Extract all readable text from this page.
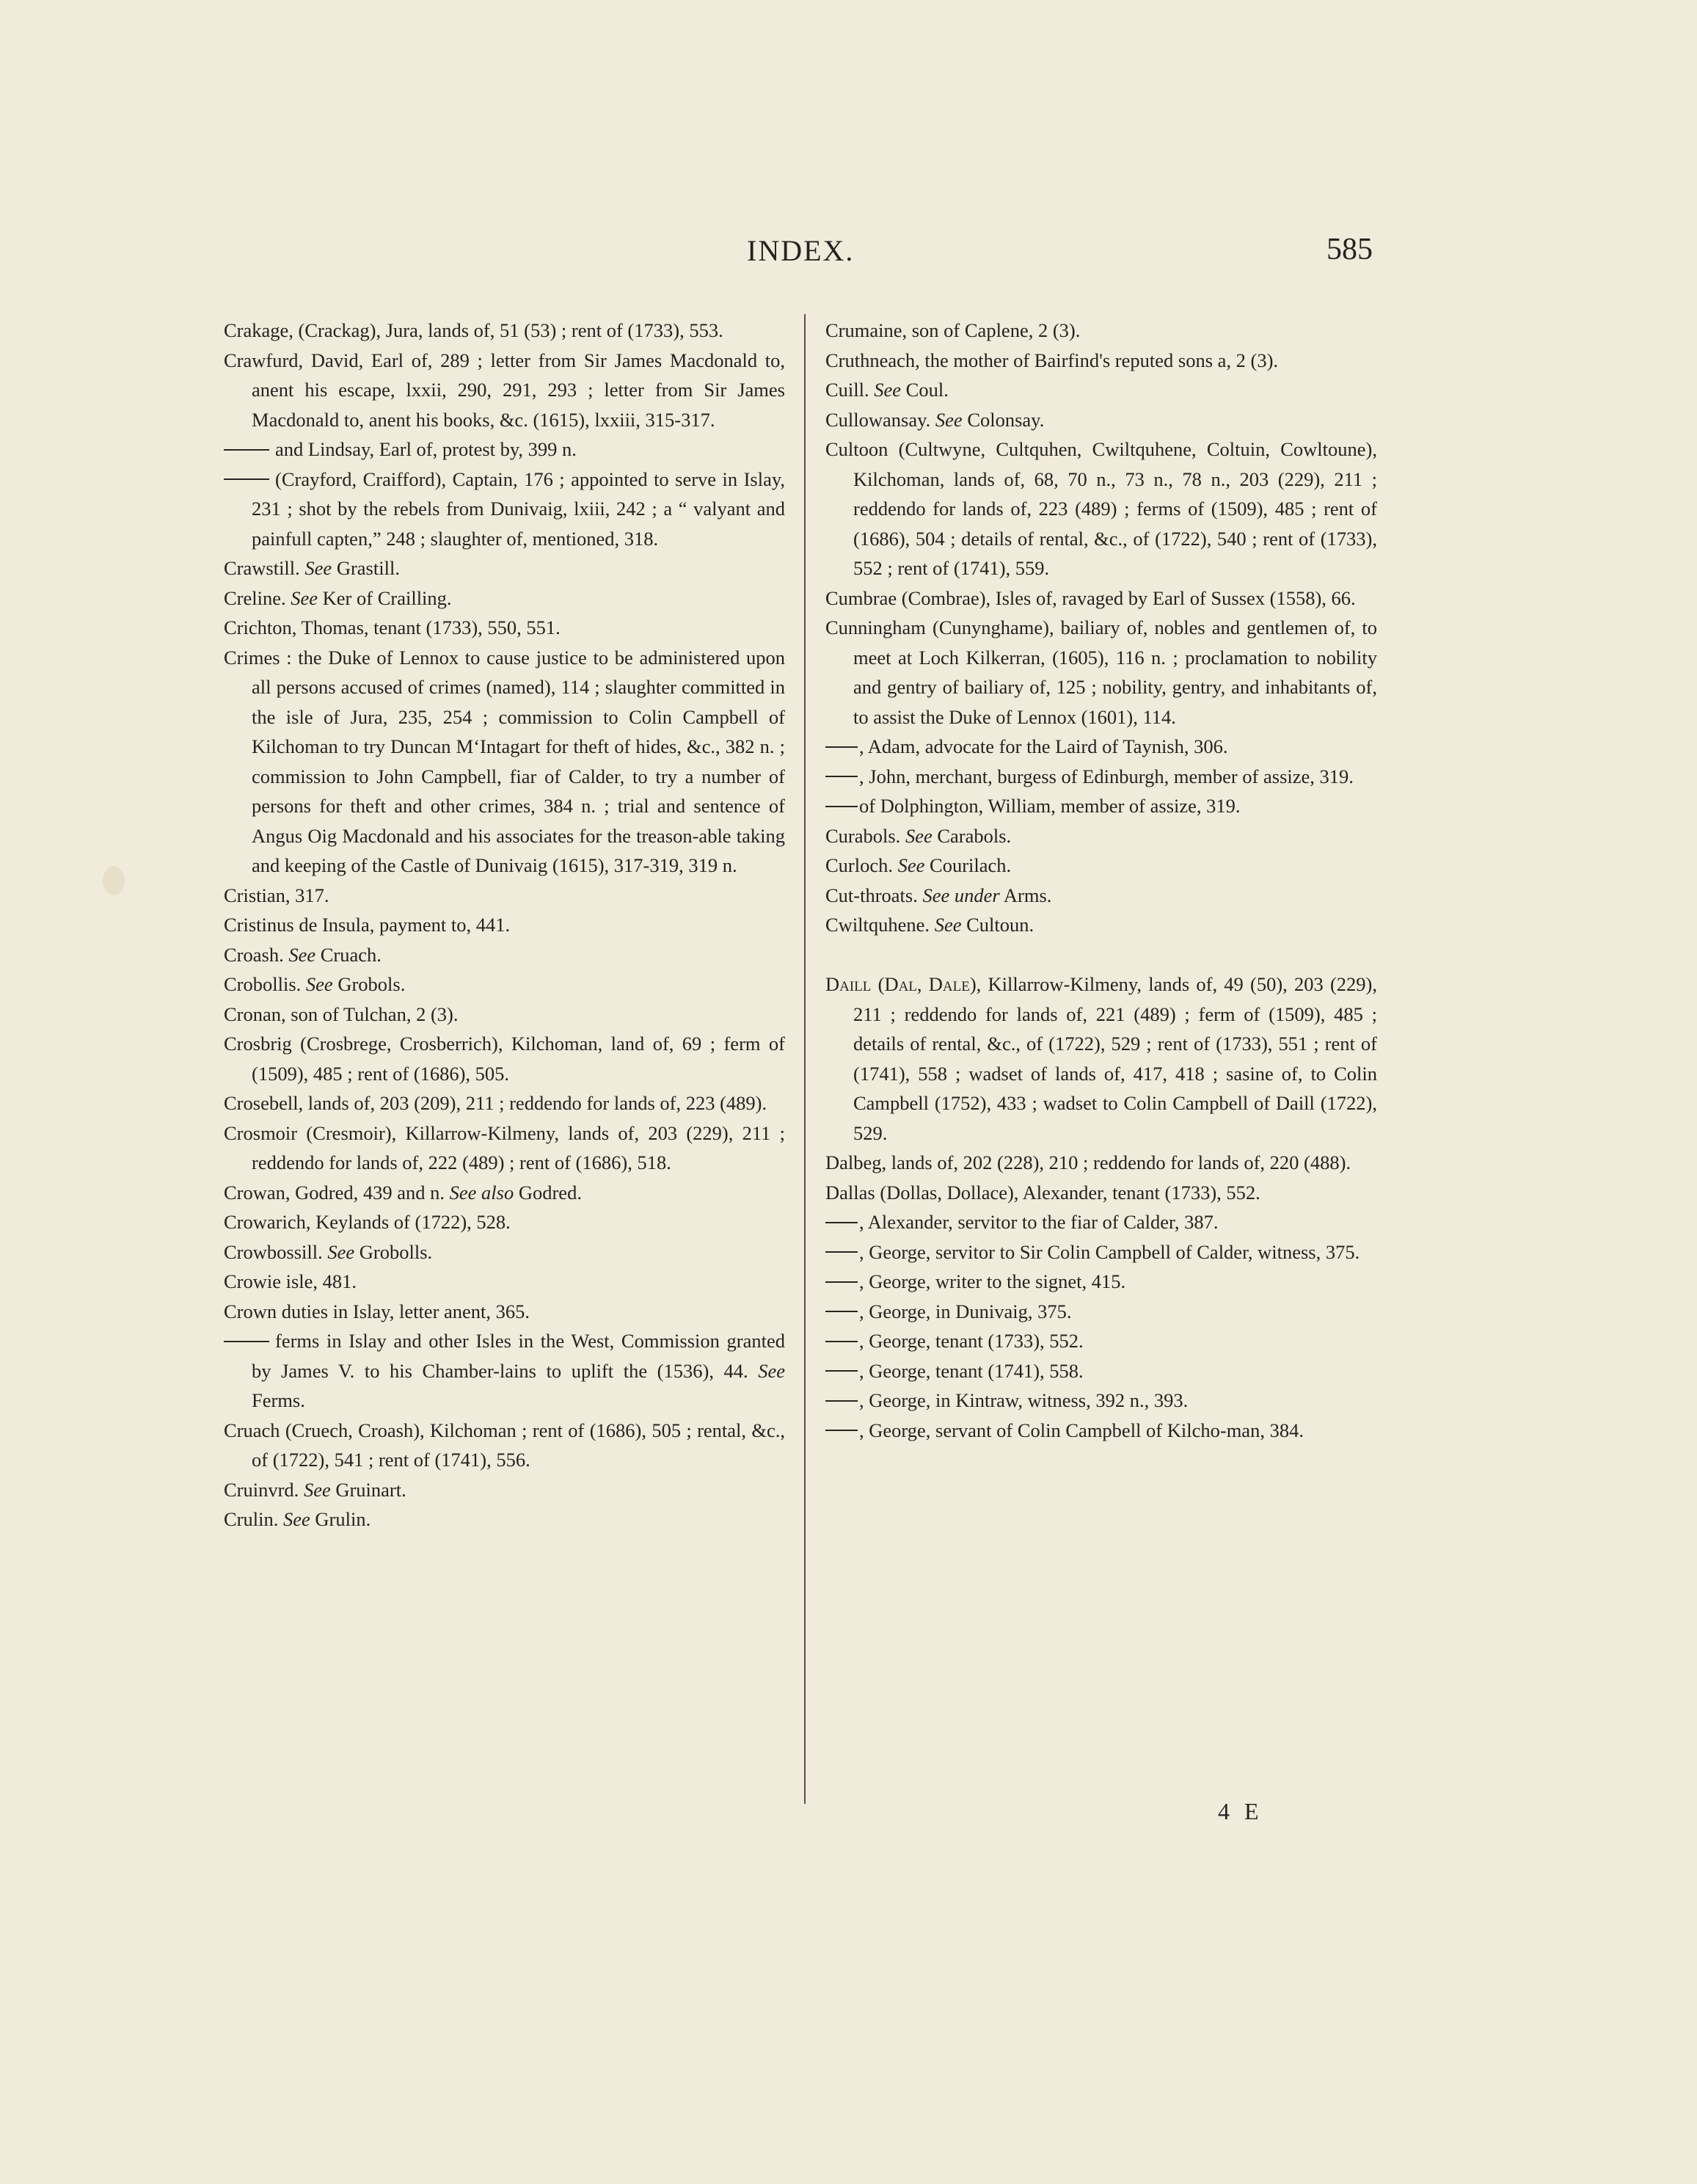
INDEX.	585

Crakage, (Crackag), Jura, lands of, 51 (53) ; rent of (1733), 553.

Crawfurd, David, Earl of, 289 ; letter from Sir James Macdonald to, anent his escape, lxxii, 290, 291, 293 ; letter from Sir James Macdonald to, anent his books, &c. (1615), lxxiii, 315-317.

and Lindsay, Earl of, protest by, 399 n.

(Crayford, Craifford), Captain, 176 ; appointed to serve in Islay, 231 ; shot by the rebels from Dunivaig, lxiii, 242 ; a “ valyant and painfull capten,” 248 ; slaughter of, mentioned, 318.

Crawstill. See Grastill.

Creline. See Ker of Crailling.

Crichton, Thomas, tenant (1733), 550, 551.

Crimes : the Duke of Lennox to cause justice to be administered upon all persons accused of crimes (named), 114 ; slaughter committed in the isle of Jura, 235, 254 ; commission to Colin Campbell of Kilchoman to try Duncan M‘Intagart for theft of hides, &c., 382 n. ; commission to John Campbell, fiar of Calder, to try a number of persons for theft and other crimes, 384 n. ; trial and sentence of Angus Oig Macdonald and his associates for the treason-able taking and keeping of the Castle of Dunivaig (1615), 317-319, 319 n.

Cristian, 317.

Cristinus de Insula, payment to, 441.

Croash. See Cruach.

Crobollis. See Grobols.

Cronan, son of Tulchan, 2 (3).

Crosbrig (Crosbrege, Crosberrich), Kilchoman, land of, 69 ; ferm of (1509), 485 ; rent of (1686), 505.

Crosebell, lands of, 203 (209), 211 ; reddendo for lands of, 223 (489).

Crosmoir (Cresmoir), Killarrow-Kilmeny, lands of, 203 (229), 211 ; reddendo for lands of, 222 (489) ; rent of (1686), 518.

Crowan, Godred, 439 and n. See also Godred.

Crowarich, Keylands of (1722), 528.

Crowbossill. See Grobolls.

Crowie isle, 481.

Crown duties in Islay, letter anent, 365.

ferms in Islay and other Isles in the West, Commission granted by James V. to his Chamber-lains to uplift the (1536), 44. See Ferms.

Cruach (Cruech, Croash), Kilchoman ; rent of (1686), 505 ; rental, &c., of (1722), 541 ; rent of (1741), 556.

Cruinvrd. See Gruinart.

Crulin. See Grulin.

Crumaine, son of Caplene, 2 (3).

Cruthneach, the mother of Bairfind's reputed sons a, 2 (3).

Cuill. See Coul.

Cullowansay. See Colonsay.

Cultoon (Cultwyne, Cultquhen, Cwiltquhene, Coltuin, Cowltoune), Kilchoman, lands of, 68, 70 n., 73 n., 78 n., 203 (229), 211 ; reddendo for lands of, 223 (489) ; ferms of (1509), 485 ; rent of (1686), 504 ; details of rental, &c., of (1722), 540 ; rent of (1733), 552 ; rent of (1741), 559.

Cumbrae (Combrae), Isles of, ravaged by Earl of Sussex (1558), 66.

Cunningham (Cunynghame), bailiary of, nobles and gentlemen of, to meet at Loch Kilkerran, (1605), 116 n. ; proclamation to nobility and gentry of bailiary of, 125 ; nobility, gentry, and inhabitants of, to assist the Duke of Lennox (1601), 114.

, Adam, advocate for the Laird of Taynish, 306.

, John, merchant, burgess of Edinburgh, member of assize, 319.

of Dolphington, William, member of assize, 319.

Curabols. See Carabols.

Curloch. See Courilach.

Cut-throats. See under Arms.

Cwiltquhene. See Cultoun.

Daill (Dal, Dale), Killarrow-Kilmeny, lands of, 49 (50), 203 (229), 211 ; reddendo for lands of, 221 (489) ; ferm of (1509), 485 ; details of rental, &c., of (1722), 529 ; rent of (1733), 551 ; rent of (1741), 558 ; wadset of lands of, 417, 418 ; sasine of, to Colin Campbell (1752), 433 ; wadset to Colin Campbell of Daill (1722), 529.

Dalbeg, lands of, 202 (228), 210 ; reddendo for lands of, 220 (488).

Dallas (Dollas, Dollace), Alexander, tenant (1733), 552.

, Alexander, servitor to the fiar of Calder, 387.

, George, servitor to Sir Colin Campbell of Calder, witness, 375.

, George, writer to the signet, 415.

, George, in Dunivaig, 375.

, George, tenant (1733), 552.

, George, tenant (1741), 558.

, George, in Kintraw, witness, 392 n., 393.

, George, servant of Colin Campbell of Kilcho-man, 384.

4 E
